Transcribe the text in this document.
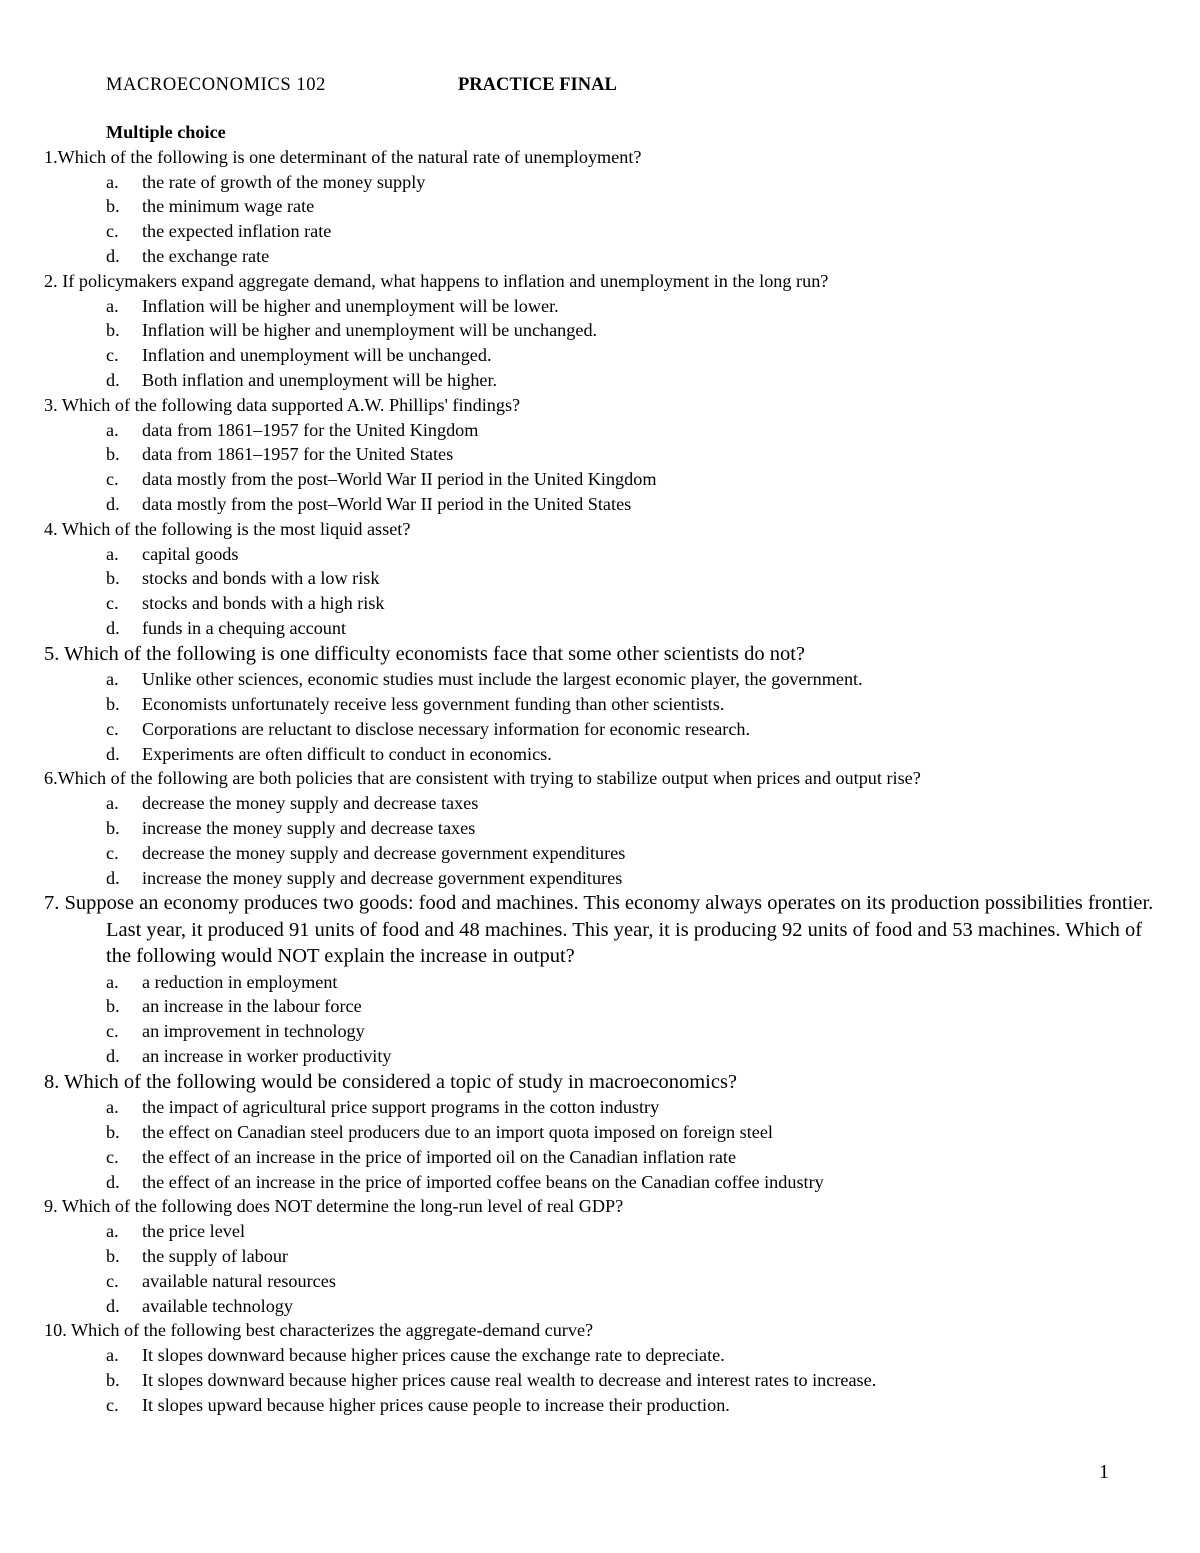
MACROECONOMICS 102	PRACTICE FINAL
Multiple choice
1.Which of the following is one determinant of the natural rate of unemployment?
a. the rate of growth of the money supply
b. the minimum wage rate
c. the expected inflation rate
d. the exchange rate
2. If policymakers expand aggregate demand, what happens to inflation and unemployment in the long run?
a. Inflation will be higher and unemployment will be lower.
b. Inflation will be higher and unemployment will be unchanged.
c. Inflation and unemployment will be unchanged.
d. Both inflation and unemployment will be higher.
3. Which of the following data supported A.W. Phillips' findings?
a. data from 1861–1957 for the United Kingdom
b. data from 1861–1957 for the United States
c. data mostly from the post–World War II period in the United Kingdom
d. data mostly from the post–World War II period in the United States
4. Which of the following is the most liquid asset?
a. capital goods
b. stocks and bonds with a low risk
c. stocks and bonds with a high risk
d. funds in a chequing account
5. Which of the following is one difficulty economists face that some other scientists do not?
a. Unlike other sciences, economic studies must include the largest economic player, the government.
b. Economists unfortunately receive less government funding than other scientists.
c. Corporations are reluctant to disclose necessary information for economic research.
d. Experiments are often difficult to conduct in economics.
6.Which of the following are both policies that are consistent with trying to stabilize output when prices and output rise?
a. decrease the money supply and decrease taxes
b. increase the money supply and decrease taxes
c. decrease the money supply and decrease government expenditures
d. increase the money supply and decrease government expenditures
7. Suppose an economy produces two goods: food and machines. This economy always operates on its production possibilities frontier. Last year, it produced 91 units of food and 48 machines. This year, it is producing 92 units of food and 53 machines. Which of the following would NOT explain the increase in output?
a. a reduction in employment
b. an increase in the labour force
c. an improvement in technology
d. an increase in worker productivity
8. Which of the following would be considered a topic of study in macroeconomics?
a. the impact of agricultural price support programs in the cotton industry
b. the effect on Canadian steel producers due to an import quota imposed on foreign steel
c. the effect of an increase in the price of imported oil on the Canadian inflation rate
d. the effect of an increase in the price of imported coffee beans on the Canadian coffee industry
9. Which of the following does NOT determine the long-run level of real GDP?
a. the price level
b. the supply of labour
c. available natural resources
d. available technology
10. Which of the following best characterizes the aggregate-demand curve?
a. It slopes downward because higher prices cause the exchange rate to depreciate.
b. It slopes downward because higher prices cause real wealth to decrease and interest rates to increase.
c. It slopes upward because higher prices cause people to increase their production.
1
